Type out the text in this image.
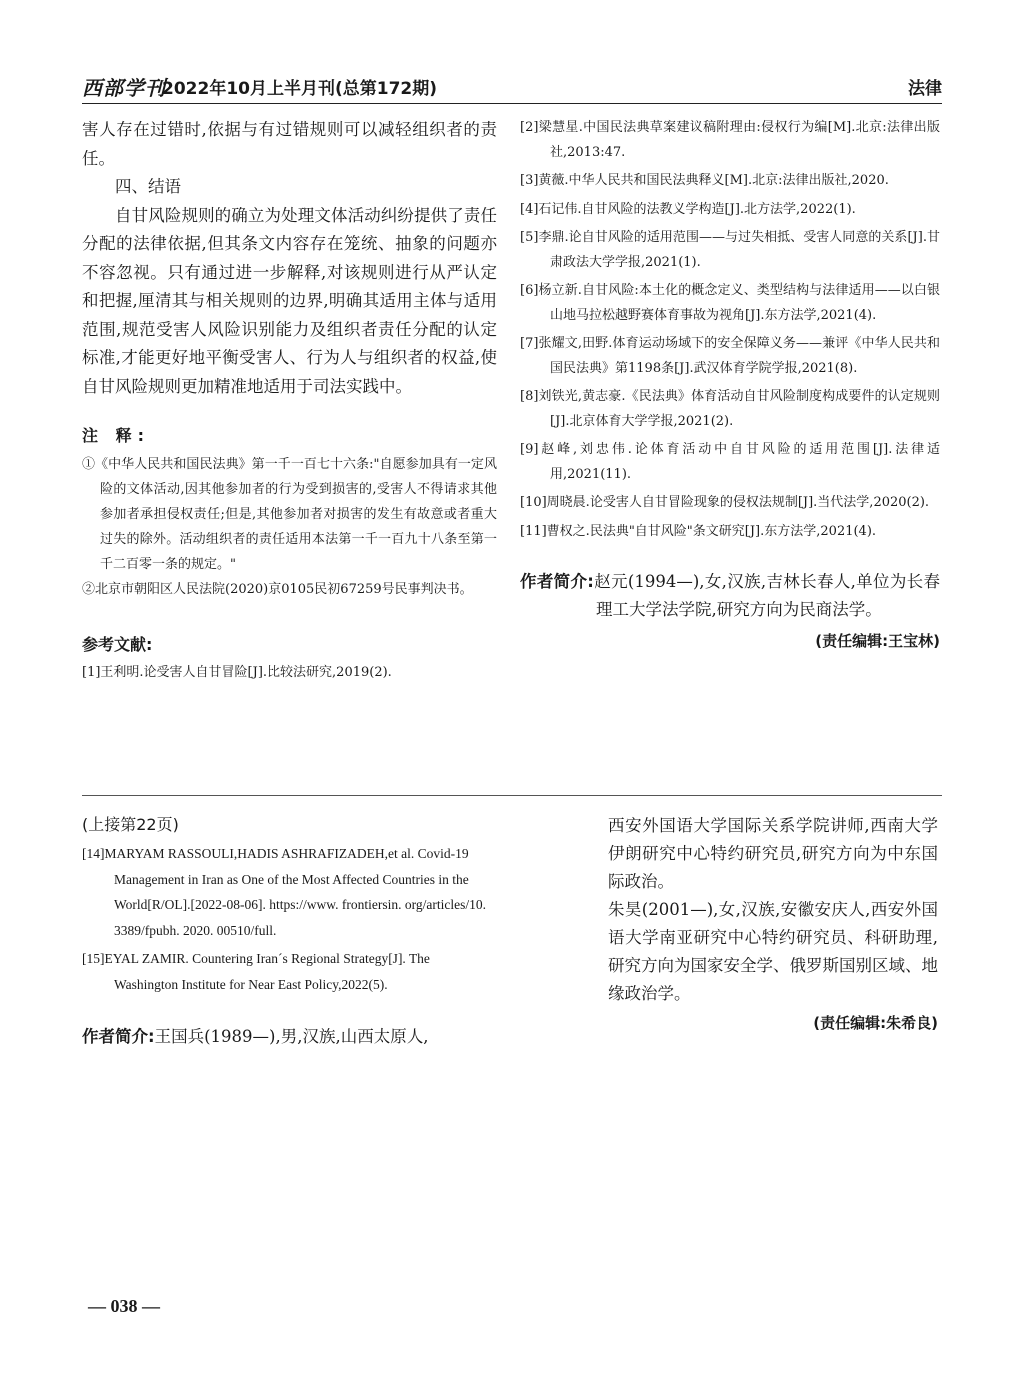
西部学刊
2022年10月上半月刊(总第172期)	法律

害人存在过错时,依据与有过错规则可以减轻组织者的责任。

四、结语

自甘风险规则的确立为处理文体活动纠纷提供了责任分配的法律依据,但其条文内容存在笼统、抽象的问题亦不容忽视。只有通过进一步解释,对该规则进行从严认定和把握,厘清其与相关规则的边界,明确其适用主体与适用范围,规范受害人风险识别能力及组织者责任分配的认定标准,才能更好地平衡受害人、行为人与组织者的权益,使自甘风险规则更加精准地适用于司法实践中。

注 释:

①《中华人民共和国民法典》第一千一百七十六条:"自愿参加具有一定风险的文体活动,因其他参加者的行为受到损害的,受害人不得请求其他参加者承担侵权责任;但是,其他参加者对损害的发生有故意或者重大过失的除外。活动组织者的责任适用本法第一千一百九十八条至第一千二百零一条的规定。"

②北京市朝阳区人民法院(2020)京0105民初67259号民事判决书。

参考文献:

[1]王利明.论受害人自甘冒险[J].比较法研究,2019(2).

[2]梁慧星.中国民法典草案建议稿附理由:侵权行为编[M].北京:法律出版社,2013:47.

[3]黄薇.中华人民共和国民法典释义[M].北京:法律出版社,2020.

[4]石记伟.自甘风险的法教义学构造[J].北方法学,2022(1).

[5]李鼎.论自甘风险的适用范围——与过失相抵、受害人同意的关系[J].甘肃政法大学学报,2021(1).

[6]杨立新.自甘风险:本土化的概念定义、类型结构与法律适用——以白银山地马拉松越野赛体育事故为视角[J].东方法学,2021(4).

[7]张耀文,田野.体育运动场域下的安全保障义务——兼评《中华人民共和国民法典》第1198条[J].武汉体育学院学报,2021(8).

[8]刘铁光,黄志豪.《民法典》体育活动自甘风险制度构成要件的认定规则[J].北京体育大学学报,2021(2).

[9]赵峰,刘忠伟.论体育活动中自甘风险的适用范围[J].法律适用,2021(11).

[10]周晓晨.论受害人自甘冒险现象的侵权法规制[J].当代法学,2020(2).

[11]曹权之.民法典"自甘风险"条文研究[J].东方法学,2021(4).

作者简介:赵元(1994—),女,汉族,吉林长春人,单位为长春理工大学法学院,研究方向为民商法学。

(责任编辑:王宝林)

(上接第22页)

[14]MARYAM RASSOULI,HADIS ASHRAFIZADEH,et al. Covid-19 Management in Iran as One of the Most Affected Countries in the World[R/OL].[2022-08-06]. https://www. frontiersin. org/articles/10. 3389/fpubh. 2020. 00510/full.

[15]EYAL ZAMIR. Countering Iran´s Regional Strategy[J]. The Washington Institute for Near East Policy,2022(5).

作者简介:王国兵(1989—),男,汉族,山西太原人,

西安外国语大学国际关系学院讲师,西南大学伊朗研究中心特约研究员,研究方向为中东国际政治。

朱昊(2001—),女,汉族,安徽安庆人,西安外国语大学南亚研究中心特约研究员、科研助理,研究方向为国家安全学、俄罗斯国别区域、地缘政治学。

(责任编辑:朱希良)

— 038 —
